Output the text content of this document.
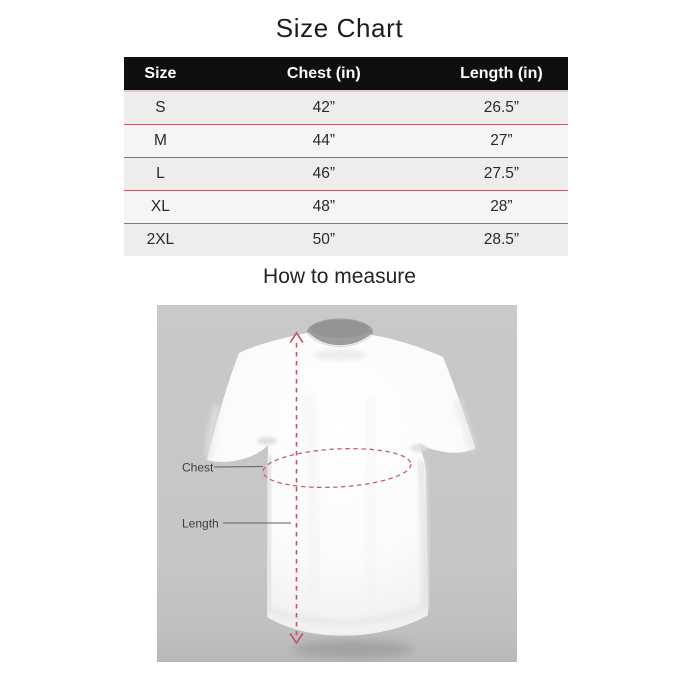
Size Chart
Size	Chest (in)	Length (in)
S	42”	26.5”
M	44”	27”
L	46”	27.5”
XL	48”	28”
2XL	50”	28.5”
How to measure
Chest
Length
